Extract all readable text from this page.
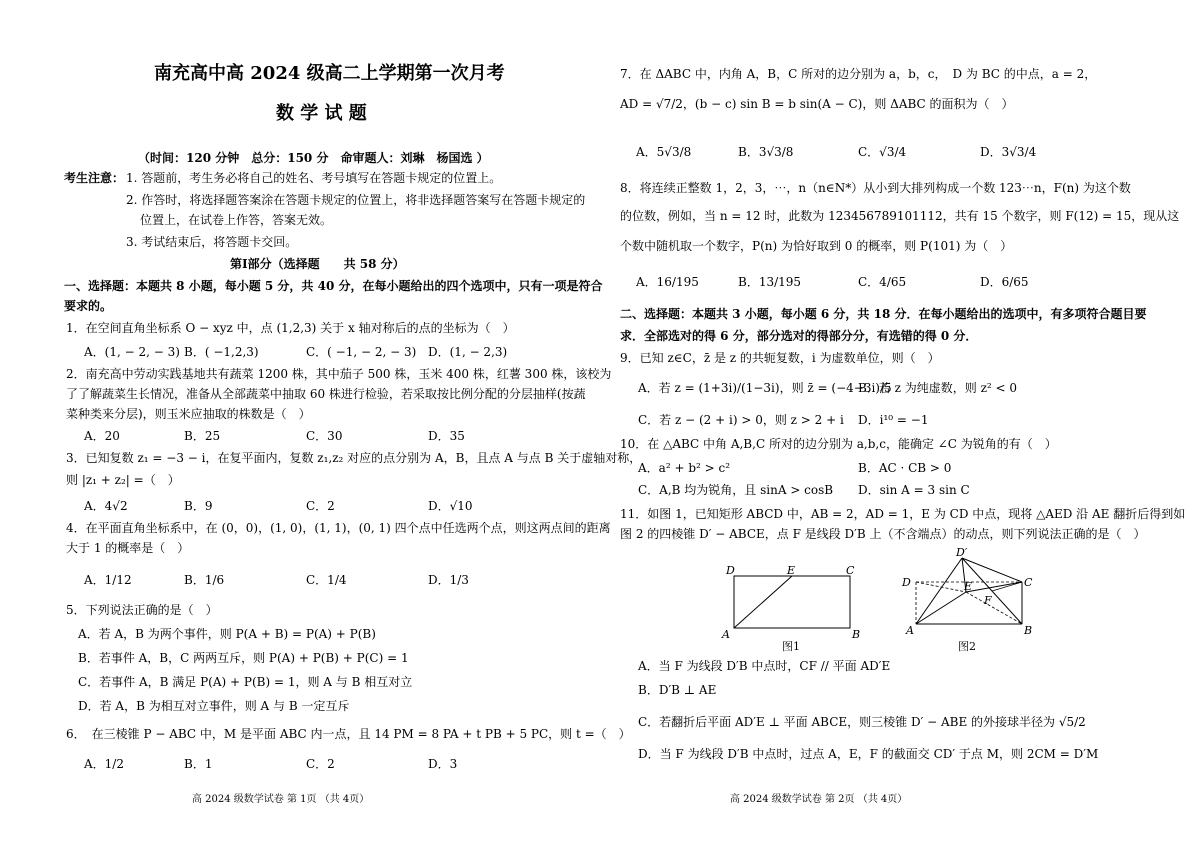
南充高中高 2024 级高二上学期第一次月考
数 学 试 题
（时间：120 分钟　总分：150 分　命审题人：刘琳　杨国选 ）
考生注意： 1. 答题前，考生务必将自己的姓名、考号填写在答题卡规定的位置上。
2. 作答时，将选择题答案涂在答题卡规定的位置上，将非选择题答案写在答题卡规定的
位置上，在试卷上作答，答案无效。
3. 考试结束后，将答题卡交回。
第Ⅰ部分（选择题　　共 58 分）
一、选择题：本题共 8 小题，每小题 5 分，共 40 分，在每小题给出的四个选项中，只有一项是符合
要求的。
1．在空间直角坐标系 O − xyz 中，点 (1,2,3) 关于 x 轴对称后的点的坐标为（　）
A．(1, − 2, − 3) B．( −1,2,3)	C．( −1, − 2, − 3) D．(1, − 2,3)
2．南充高中劳动实践基地共有蔬菜 1200 株，其中茄子 500 株，玉米 400 株，红薯 300 株，该校为
了了解蔬菜生长情况，准备从全部蔬菜中抽取 60 株进行检验，若采取按比例分配的分层抽样(按蔬
菜种类来分层)，则玉米应抽取的株数是（　）
A．20	B．25	C．30	D．35
3．已知复数 z₁ = −3 − i，在复平面内，复数 z₁,z₂ 对应的点分别为 A，B，且点 A 与点 B 关于虚轴对称，
则 |z₁ + z₂| =（　）
A．4√2	B．9	C．2	D．√10
4．在平面直角坐标系中，在 (0，0)，(1, 0)，(1, 1)，(0, 1) 四个点中任选两个点，则这两点间的距离
大于 1 的概率是（　）
A．1/12	B．1/6	C．1/4	D．1/3
5．下列说法正确的是（　）
A．若 A，B 为两个事件，则 P(A + B) = P(A) + P(B)
B．若事件 A，B，C 两两互斥，则 P(A) + P(B) + P(C) = 1
C．若事件 A，B 满足 P(A) + P(B) = 1，则 A 与 B 相互对立
D．若 A，B 为相互对立事件，则 A 与 B 一定互斥
6．　在三棱锥 P − ABC 中，M 是平面 ABC 内一点，且 14 PM = 8 PA + t PB + 5 PC，则 t =（　）
A．1/2	B．1	C．2	D．3
高 2024 级数学试卷 第 1页 （共 4页）
7．在 ΔABC 中，内角 A，B，C 所对的边分别为 a，b，c，　D 为 BC 的中点，a = 2，
AD = √7/2，(b − c) sin B = b sin(A − C)，则 ΔABC 的面积为（　）
A．5√3/8	B．3√3/8	C．√3/4	D．3√3/4
8．将连续正整数 1，2，3，⋯，n（n∈N*）从小到大排列构成一个数 123⋯n，F(n) 为这个数
的位数，例如，当 n = 12 时，此数为 123456789101112，共有 15 个数字，则 F(12) = 15，现从这
个数中随机取一个数字，P(n) 为恰好取到 0 的概率，则 P(101) 为（　）
A．16/195	B．13/195	C．4/65	D．6/65
二、选择题：本题共 3 小题，每小题 6 分，共 18 分．在每小题给出的选项中，有多项符合题目要
求．全部选对的得 6 分，部分选对的得部分分，有选错的得 0 分．
9．已知 z∈C，z̄ 是 z 的共轭复数，i 为虚数单位，则（　）
A．若 z = (1+3i)/(1−3i)，则 z̄ = (−4−3i)/5
B．若 z 为纯虚数，则 z² < 0
C．若 z − (2 + i) > 0，则 z > 2 + i D．i¹⁰ = −1
10．在 △ABC 中角 A,B,C 所对的边分别为 a,b,c，能确定 ∠C 为锐角的有（　）
A．a² + b² > c²	B．AC · CB > 0
C．A,B 均为锐角，且 sinA > cosB D．sin A = 3 sin C
11．如图 1，已知矩形 ABCD 中，AB = 2，AD = 1，E 为 CD 中点，现将 △AED 沿 AE 翻折后得到如
图 2 的四棱锥 D′ − ABCE，点 F 是线段 D′B 上（不含端点）的动点，则下列说法正确的是（　）
D	E	C
A	B
图1
D′
D	E	C
F
A	B
图2
A．当 F 为线段 D′B 中点时，CF // 平面 AD′E
B．D′B ⊥ AE
C．若翻折后平面 AD′E ⊥ 平面 ABCE，则三棱锥 D′ − ABE 的外接球半径为 √5/2
D．当 F 为线段 D′B 中点时，过点 A，E，F 的截面交 CD′ 于点 M，则 2CM = D′M
高 2024 级数学试卷 第 2页 （共 4页）
